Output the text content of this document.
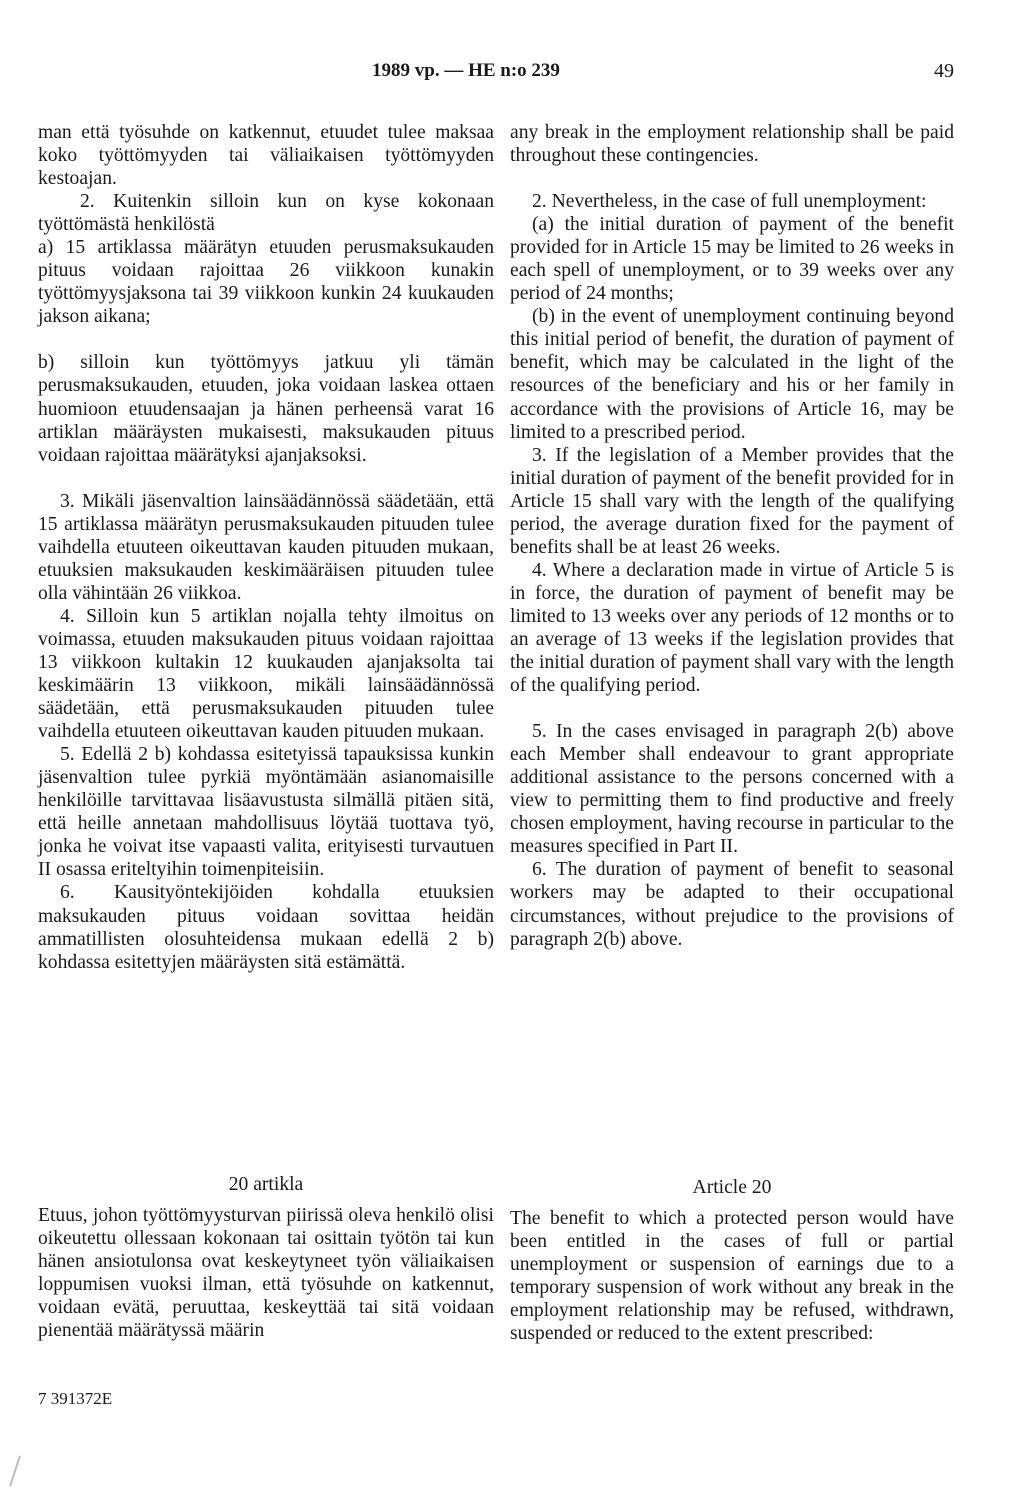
1989 vp. — HE n:o 239	49

man että työsuhde on katkennut, etuudet tulee maksaa koko työttömyyden tai väliaikaisen työttömyyden kestoajan.

2. Kuitenkin silloin kun on kyse kokonaan työttömästä henkilöstä

a) 15 artiklassa määrätyn etuuden perusmaksukauden pituus voidaan rajoittaa 26 viikkoon kunakin työttömyysjaksona tai 39 viikkoon kunkin 24 kuukauden jakson aikana;

b) silloin kun työttömyys jatkuu yli tämän perusmaksukauden, etuuden, joka voidaan laskea ottaen huomioon etuudensaajan ja hänen perheensä varat 16 artiklan määräysten mukaisesti, maksukauden pituus voidaan rajoittaa määrätyksi ajanjaksoksi.

3. Mikäli jäsenvaltion lainsäädännössä säädetään, että 15 artiklassa määrätyn perusmaksukauden pituuden tulee vaihdella etuuteen oikeuttavan kauden pituuden mukaan, etuuksien maksukauden keskimääräisen pituuden tulee olla vähintään 26 viikkoa.

4. Silloin kun 5 artiklan nojalla tehty ilmoitus on voimassa, etuuden maksukauden pituus voidaan rajoittaa 13 viikkoon kultakin 12 kuukauden ajanjaksolta tai keskimäärin 13 viikkoon, mikäli lainsäädännössä säädetään, että perusmaksukauden pituuden tulee vaihdella etuuteen oikeuttavan kauden pituuden mukaan.

5. Edellä 2 b) kohdassa esitetyissä tapauksissa kunkin jäsenvaltion tulee pyrkiä myöntämään asianomaisille henkilöille tarvittavaa lisäavustusta silmällä pitäen sitä, että heille annetaan mahdollisuus löytää tuottava työ, jonka he voivat itse vapaasti valita, erityisesti turvautuen II osassa eriteltyihin toimenpiteisiin.

6. Kausityöntekijöiden kohdalla etuuksien maksukauden pituus voidaan sovittaa heidän ammatillisten olosuhteidensa mukaan edellä 2 b) kohdassa esitettyjen määräysten sitä estämättä.

any break in the employment relationship shall be paid throughout these contingencies.

2. Nevertheless, in the case of full unemployment:

(a) the initial duration of payment of the benefit provided for in Article 15 may be limited to 26 weeks in each spell of unemployment, or to 39 weeks over any period of 24 months;

(b) in the event of unemployment continuing beyond this initial period of benefit, the duration of payment of benefit, which may be calculated in the light of the resources of the beneficiary and his or her family in accordance with the provisions of Article 16, may be limited to a prescribed period.

3. If the legislation of a Member provides that the initial duration of payment of the benefit provided for in Article 15 shall vary with the length of the qualifying period, the average duration fixed for the payment of benefits shall be at least 26 weeks.

4. Where a declaration made in virtue of Article 5 is in force, the duration of payment of benefit may be limited to 13 weeks over any periods of 12 months or to an average of 13 weeks if the legislation provides that the initial duration of payment shall vary with the length of the qualifying period.

5. In the cases envisaged in paragraph 2(b) above each Member shall endeavour to grant appropriate additional assistance to the persons concerned with a view to permitting them to find productive and freely chosen employment, having recourse in particular to the measures specified in Part II.

6. The duration of payment of benefit to seasonal workers may be adapted to their occupational circumstances, without prejudice to the provisions of paragraph 2(b) above.

20 artikla

Etuus, johon työttömyysturvan piirissä oleva henkilö olisi oikeutettu ollessaan kokonaan tai osittain työtön tai kun hänen ansiotulonsa ovat keskeytyneet työn väliaikaisen loppumisen vuoksi ilman, että työsuhde on katkennut, voidaan evätä, peruuttaa, keskeyttää tai sitä voidaan pienentää määrätyssä määrin

Article 20

The benefit to which a protected person would have been entitled in the cases of full or partial unemployment or suspension of earnings due to a temporary suspension of work without any break in the employment relationship may be refused, withdrawn, suspended or reduced to the extent prescribed:

7 391372E
